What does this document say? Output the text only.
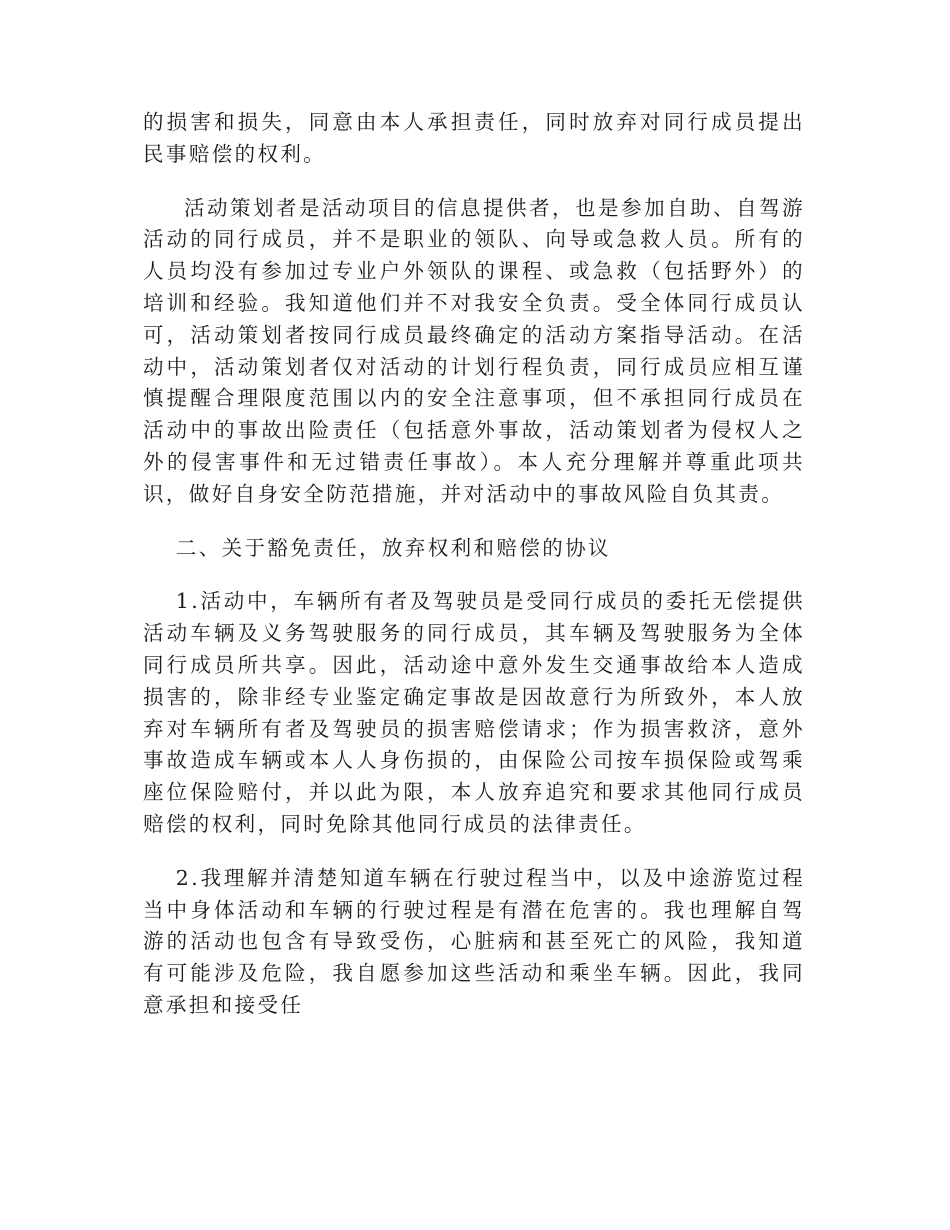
的损害和损失，同意由本人承担责任，同时放弃对同行成员提出民事赔偿的权利。

活动策划者是活动项目的信息提供者，也是参加自助、自驾游活动的同行成员，并不是职业的领队、向导或急救人员。所有的人员均没有参加过专业户外领队的课程、或急救（包括野外）的培训和经验。我知道他们并不对我安全负责。受全体同行成员认可，活动策划者按同行成员最终确定的活动方案指导活动。在活动中，活动策划者仅对活动的计划行程负责，同行成员应相互谨慎提醒合理限度范围以内的安全注意事项，但不承担同行成员在活动中的事故出险责任（包括意外事故，活动策划者为侵权人之外的侵害事件和无过错责任事故）。本人充分理解并尊重此项共识，做好自身安全防范措施，并对活动中的事故风险自负其责。

二、关于豁免责任，放弃权利和赔偿的协议

1.活动中，车辆所有者及驾驶员是受同行成员的委托无偿提供活动车辆及义务驾驶服务的同行成员，其车辆及驾驶服务为全体同行成员所共享。因此，活动途中意外发生交通事故给本人造成损害的，除非经专业鉴定确定事故是因故意行为所致外，本人放弃对车辆所有者及驾驶员的损害赔偿请求；作为损害救济，意外事故造成车辆或本人人身伤损的，由保险公司按车损保险或驾乘座位保险赔付，并以此为限，本人放弃追究和要求其他同行成员赔偿的权利，同时免除其他同行成员的法律责任。

2.我理解并清楚知道车辆在行驶过程当中，以及中途游览过程当中身体活动和车辆的行驶过程是有潜在危害的。我也理解自驾游的活动也包含有导致受伤，心脏病和甚至死亡的风险，我知道有可能涉及危险，我自愿参加这些活动和乘坐车辆。因此，我同意承担和接受任
